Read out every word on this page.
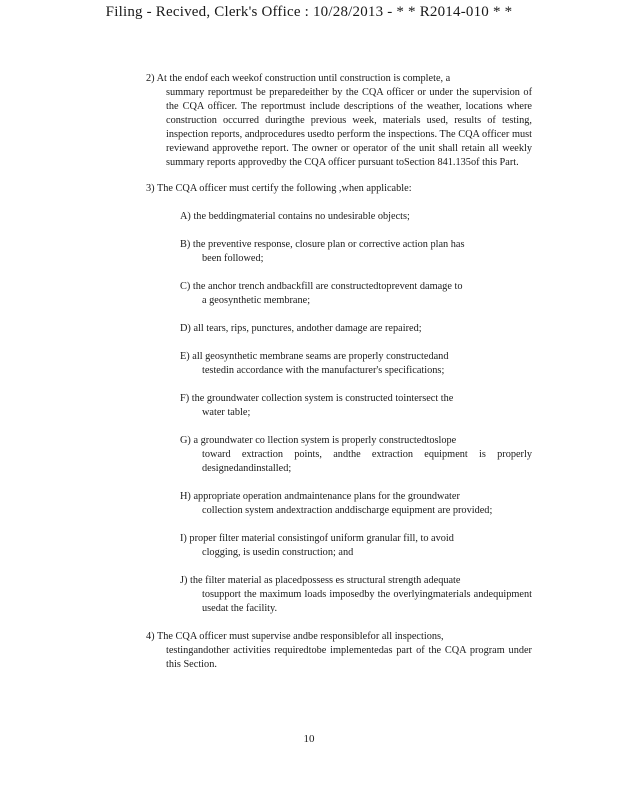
Filing - Recived, Clerk's Office : 10/28/2013 - * * R2014-010 * *
2) At the endof each weekof construction until construction is complete, a
summary reportmust be preparedeither by the CQA officer or under the supervision of the CQA officer. The reportmust include descriptions of the weather, locations where construction occurred duringthe previous week, materials used, results of testing, inspection reports, andprocedures usedto perform the inspections. The CQA officer must reviewand approvethe report. The owner or operator of the unit shall retain all weekly summary reports approvedby the CQA officer pursuant toSection 841.135of this Part.
3) The CQA officer must certify the following ,when applicable:
A) the beddingmaterial contains no undesirable objects;
B) the preventive response, closure plan or corrective action plan has
been followed;
C) the anchor trench andbackfill are constructedtoprevent damage to
a geosynthetic membrane;
D) all tears, rips, punctures, andother damage are repaired;
E) all geosynthetic membrane seams are properly constructedand
testedin accordance with the manufacturer's specifications;
F) the groundwater collection system is constructed tointersect the
water table;
G) a groundwater co llection system is properly constructedtoslope
toward extraction points, andthe extraction equipment is properly designedandinstalled;
H) appropriate operation andmaintenance plans for the groundwater
collection system andextraction anddischarge equipment are provided;
I) proper filter material consistingof uniform granular fill, to avoid
clogging, is usedin construction; and
J) the filter material as placedpossess es structural strength adequate
tosupport the maximum loads imposedby the overlyingmaterials andequipment usedat the facility.
4) The CQA officer must supervise andbe responsiblefor all inspections,
testingandother activities requiredtobe implementedas part of the CQA program under this Section.
10
